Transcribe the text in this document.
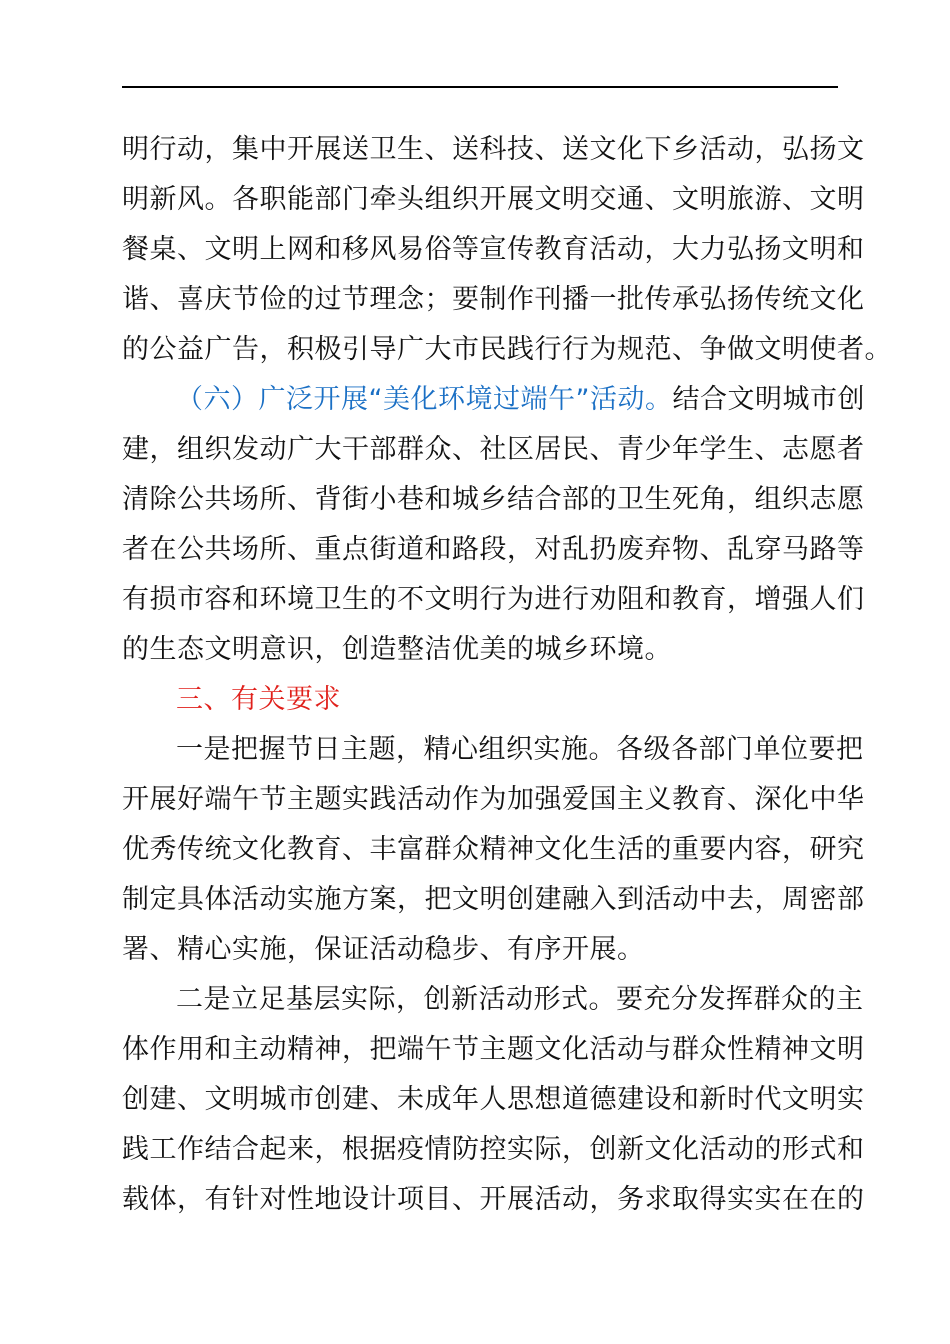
明行动，集中开展送卫生、送科技、送文化下乡活动，弘扬文
明新风。各职能部门牵头组织开展文明交通、文明旅游、文明
餐桌、文明上网和移风易俗等宣传教育活动，大力弘扬文明和
谐、喜庆节俭的过节理念；要制作刊播一批传承弘扬传统文化
的公益广告，积极引导广大市民践行行为规范、争做文明使者。
（六）广泛开展“美化环境过端午”活动。结合文明城市创
建，组织发动广大干部群众、社区居民、青少年学生、志愿者
清除公共场所、背街小巷和城乡结合部的卫生死角，组织志愿
者在公共场所、重点街道和路段，对乱扔废弃物、乱穿马路等
有损市容和环境卫生的不文明行为进行劝阻和教育，增强人们
的生态文明意识，创造整洁优美的城乡环境。
三、有关要求
一是把握节日主题，精心组织实施。各级各部门单位要把
开展好端午节主题实践活动作为加强爱国主义教育、深化中华
优秀传统文化教育、丰富群众精神文化生活的重要内容，研究
制定具体活动实施方案，把文明创建融入到活动中去，周密部
署、精心实施，保证活动稳步、有序开展。
二是立足基层实际，创新活动形式。要充分发挥群众的主
体作用和主动精神，把端午节主题文化活动与群众性精神文明
创建、文明城市创建、未成年人思想道德建设和新时代文明实
践工作结合起来，根据疫情防控实际，创新文化活动的形式和
载体，有针对性地设计项目、开展活动，务求取得实实在在的
